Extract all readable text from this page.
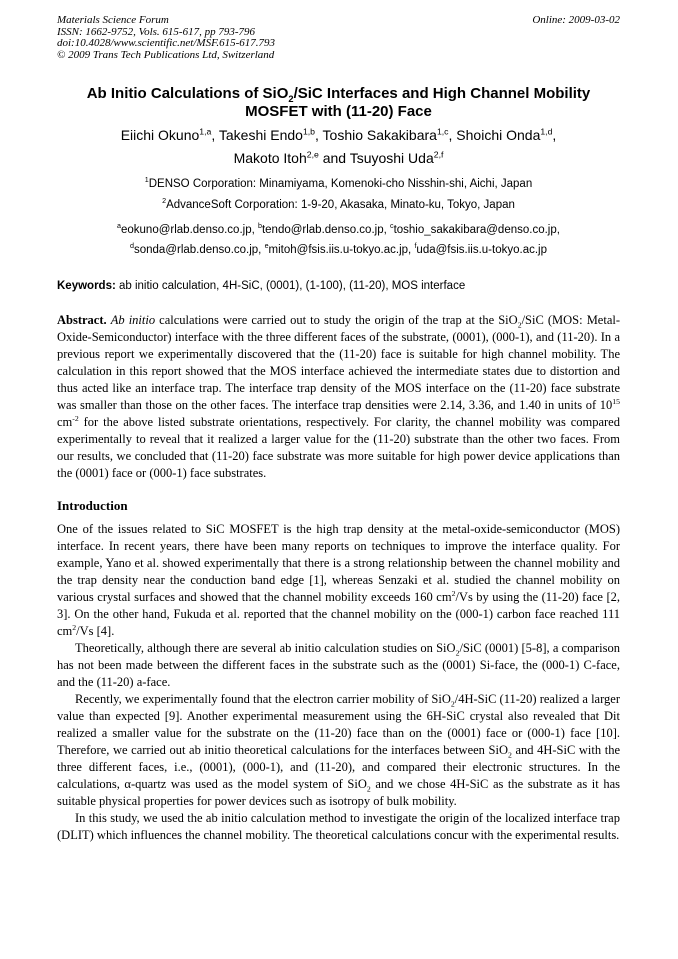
Materials Science Forum
ISSN: 1662-9752, Vols. 615-617, pp 793-796
doi:10.4028/www.scientific.net/MSF.615-617.793
© 2009 Trans Tech Publications Ltd, Switzerland
Online: 2009-03-02
Ab Initio Calculations of SiO$_2$/SiC Interfaces and High Channel Mobility
MOSFET with (11-20) Face
Eiichi Okuno$^{1,a}$, Takeshi Endo$^{1,b}$, Toshio Sakakibara$^{1,c}$, Shoichi Onda$^{1,d}$,
Makoto Itoh$^{2,e}$ and Tsuyoshi Uda$^{2,f}$
$^1$DENSO Corporation: Minamiyama, Komenoki-cho Nisshin-shi, Aichi, Japan
$^2$AdvanceSoft Corporation: 1-9-20, Akasaka, Minato-ku, Tokyo, Japan
$^a$eokuno@rlab.denso.co.jp, $^b$tendo@rlab.denso.co.jp, $^c$toshio_sakakibara@denso.co.jp,
$^d$sonda@rlab.denso.co.jp, $^e$mitoh@fsis.iis.u-tokyo.ac.jp, $^f$uda@fsis.iis.u-tokyo.ac.jp
Keywords: ab initio calculation, 4H-SiC, (0001), (1-100), (11-20), MOS interface

Abstract. Ab initio calculations were carried out to study the origin of the trap at the SiO$_2$/SiC (MOS: Metal-Oxide-Semiconductor) interface with the three different faces of the substrate, (0001), (000-1), and (11-20). In a previous report we experimentally discovered that the (11-20) face is suitable for high channel mobility. The calculation in this report showed that the MOS interface achieved the intermediate states due to distortion and thus acted like an interface trap. The interface trap density of the MOS interface on the (11-20) face substrate was smaller than those on the other faces. The interface trap densities were 2.14, 3.36, and 1.40 in units of $10^{15}$ $cm^{-2}$ for the above listed substrate orientations, respectively. For clarity, the channel mobility was compared experimentally to reveal that it realized a larger value for the (11-20) substrate than the other two faces. From our results, we concluded that (11-20) face substrate was more suitable for high power device applications than the (0001) face or (000-1) face substrates.

Introduction

One of the issues related to SiC MOSFET is the high trap density at the metal-oxide-semiconductor (MOS) interface. In recent years, there have been many reports on techniques to improve the interface quality. For example, Yano et al. showed experimentally that there is a strong relationship between the channel mobility and the trap density near the conduction band edge [1], whereas Senzaki et al. studied the channel mobility on various crystal surfaces and showed that the channel mobility exceeds 160 $cm^2/Vs$ by using the (11-20) face [2, 3]. On the other hand, Fukuda et al. reported that the channel mobility on the (000-1) carbon face reached 111 $cm^2/Vs$ [4].

Theoretically, although there are several ab initio calculation studies on SiO$_2$/SiC (0001) [5-8], a comparison has not been made between the different faces in the substrate such as the (0001) Si-face, the (000-1) C-face, and the (11-20) a-face.

Recently, we experimentally found that the electron carrier mobility of SiO$_2$/4H-SiC (11-20) realized a larger value than expected [9]. Another experimental measurement using the 6H-SiC crystal also revealed that Dit realized a smaller value for the substrate on the (11-20) face than on the (0001) face or (000-1) face [10]. Therefore, we carried out ab initio theoretical calculations for the interfaces between SiO$_2$ and 4H-SiC with the three different faces, i.e., (0001), (000-1), and (11-20), and compared their electronic structures. In the calculations, α-quartz was used as the model system of SiO$_2$ and we chose 4H-SiC as the substrate as it has suitable physical properties for power devices such as isotropy of bulk mobility.

In this study, we used the ab initio calculation method to investigate the origin of the localized interface trap (DLIT) which influences the channel mobility. The theoretical calculations concur with the experimental results.
